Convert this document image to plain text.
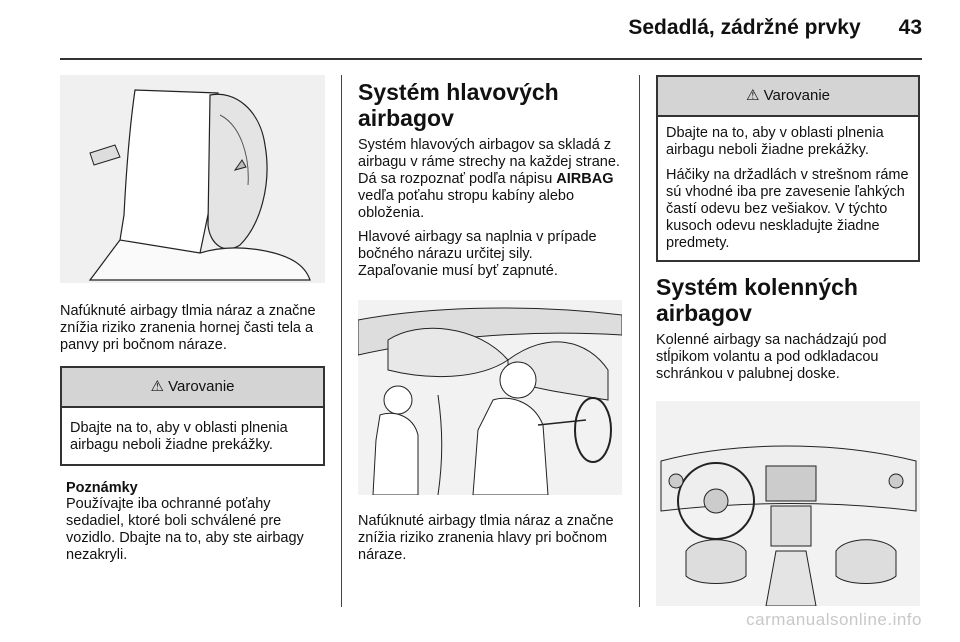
Sedadlá, zádržné prvky 43

Nafúknuté airbagy tlmia náraz a značne znížia riziko zranenia hornej časti tela a panvy pri bočnom náraze.

⚠ Varovanie

Dbajte na to, aby v oblasti plnenia airbagu neboli žiadne prekážky.

Poznámky

Používajte iba ochranné poťahy sedadiel, ktoré boli schválené pre vozidlo. Dbajte na to, aby ste airbagy nezakryli.

Systém hlavových airbagov

Systém hlavových airbagov sa skladá z airbagu v ráme strechy na každej strane. Dá sa rozpoznať podľa nápisu AIRBAG vedľa poťahu stropu kabíny alebo obloženia.

Hlavové airbagy sa naplnia v prípade bočného nárazu určitej sily.

Zapaľovanie musí byť zapnuté.

Nafúknuté airbagy tlmia náraz a značne znížia riziko zranenia hlavy pri bočnom náraze.

⚠ Varovanie

Dbajte na to, aby v oblasti plnenia airbagu neboli žiadne prekážky.

Háčiky na držadlách v strešnom ráme sú vhodné iba pre zavesenie ľahkých častí odevu bez vešiakov. V týchto kusoch odevu neskladujte žiadne predmety.

Systém kolenných airbagov

Kolenné airbagy sa nachádzajú pod stĺpikom volantu a pod odkladacou schránkou v palubnej doske.

carmanualsonline.info
